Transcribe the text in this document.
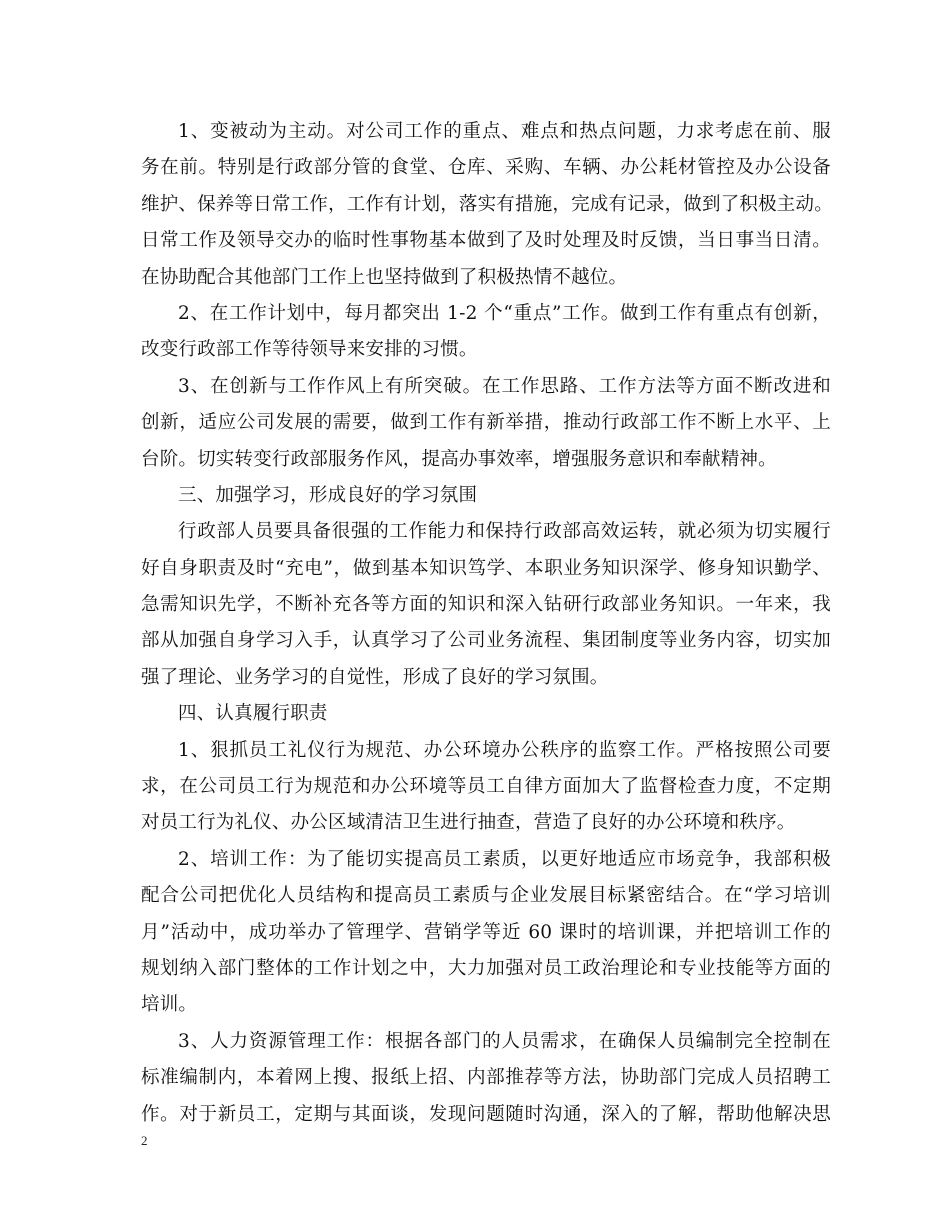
1、变被动为主动。对公司工作的重点、难点和热点问题，力求考虑在前、服
务在前。特别是行政部分管的食堂、仓库、采购、车辆、办公耗材管控及办公设备
维护、保养等日常工作，工作有计划，落实有措施，完成有记录，做到了积极主动。
日常工作及领导交办的临时性事物基本做到了及时处理及时反馈，当日事当日清。
在协助配合其他部门工作上也坚持做到了积极热情不越位。
2、在工作计划中，每月都突出 1-2 个“重点”工作。做到工作有重点有创新，
改变行政部工作等待领导来安排的习惯。
3、在创新与工作作风上有所突破。在工作思路、工作方法等方面不断改进和
创新，适应公司发展的需要，做到工作有新举措，推动行政部工作不断上水平、上
台阶。切实转变行政部服务作风，提高办事效率，增强服务意识和奉献精神。
三、加强学习，形成良好的学习氛围
行政部人员要具备很强的工作能力和保持行政部高效运转，就必须为切实履行
好自身职责及时“充电”，做到基本知识笃学、本职业务知识深学、修身知识勤学、
急需知识先学，不断补充各等方面的知识和深入钻研行政部业务知识。一年来，我
部从加强自身学习入手，认真学习了公司业务流程、集团制度等业务内容，切实加
强了理论、业务学习的自觉性，形成了良好的学习氛围。
四、认真履行职责
1、狠抓员工礼仪行为规范、办公环境办公秩序的监察工作。严格按照公司要
求，在公司员工行为规范和办公环境等员工自律方面加大了监督检查力度，不定期
对员工行为礼仪、办公区域清洁卫生进行抽查，营造了良好的办公环境和秩序。
2、培训工作：为了能切实提高员工素质，以更好地适应市场竞争，我部积极
配合公司把优化人员结构和提高员工素质与企业发展目标紧密结合。在“学习培训
月”活动中，成功举办了管理学、营销学等近 60 课时的培训课，并把培训工作的
规划纳入部门整体的工作计划之中，大力加强对员工政治理论和专业技能等方面的
培训。
3、人力资源管理工作：根据各部门的人员需求，在确保人员编制完全控制在
标准编制内，本着网上搜、报纸上招、内部推荐等方法，协助部门完成人员招聘工
作。对于新员工，定期与其面谈，发现问题随时沟通，深入的了解，帮助他解决思
2
